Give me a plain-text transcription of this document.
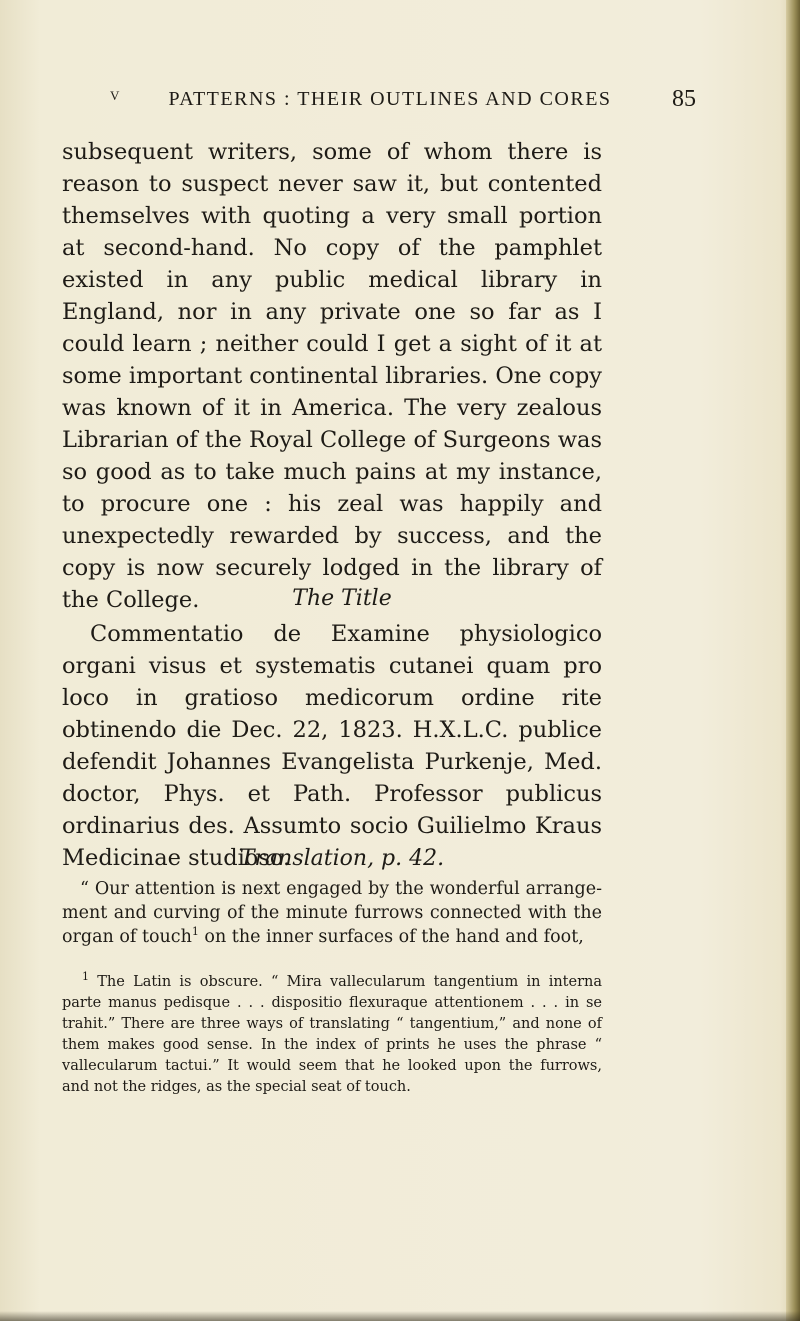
V	PATTERNS : THEIR OUTLINES AND CORES	85

subsequent writers, some of whom there is reason to suspect never saw it, but contented themselves with quoting a very small portion at second-hand. No copy of the pamphlet existed in any public medical library in England, nor in any private one so far as I could learn ; neither could I get a sight of it at some important continental libraries. One copy was known of it in America. The very zealous Librarian of the Royal College of Surgeons was so good as to take much pains at my instance, to procure one : his zeal was happily and unexpectedly rewarded by success, and the copy is now securely lodged in the library of the College.	The Title

Commentatio de Examine physiologico organi visus et systematis cutanei quam pro loco in gratioso medicorum ordine rite obtinendo die Dec. 22, 1823. H.X.L.C. publice defendit Johannes Evangelista Purkenje, Med. doctor, Phys. et Path. Professor publicus ordinarius des. Assumto socio Guilielmo Kraus Medicinae studioso.

Translation, p. 42.

“ Our attention is next engaged by the wonderful arrange-ment and curving of the minute furrows connected with the organ of touch$^1$ on the inner surfaces of the hand and foot,

$^1$ The Latin is obscure. “ Mira vallecularum tangentium in interna parte manus pedisque . . . dispositio flexuraque attentionem . . . in se trahit.” There are three ways of translating “ tangentium,” and none of them makes good sense. In the index of prints he uses the phrase “ vallecularum tactui.” It would seem that he looked upon the furrows, and not the ridges, as the special seat of touch.
